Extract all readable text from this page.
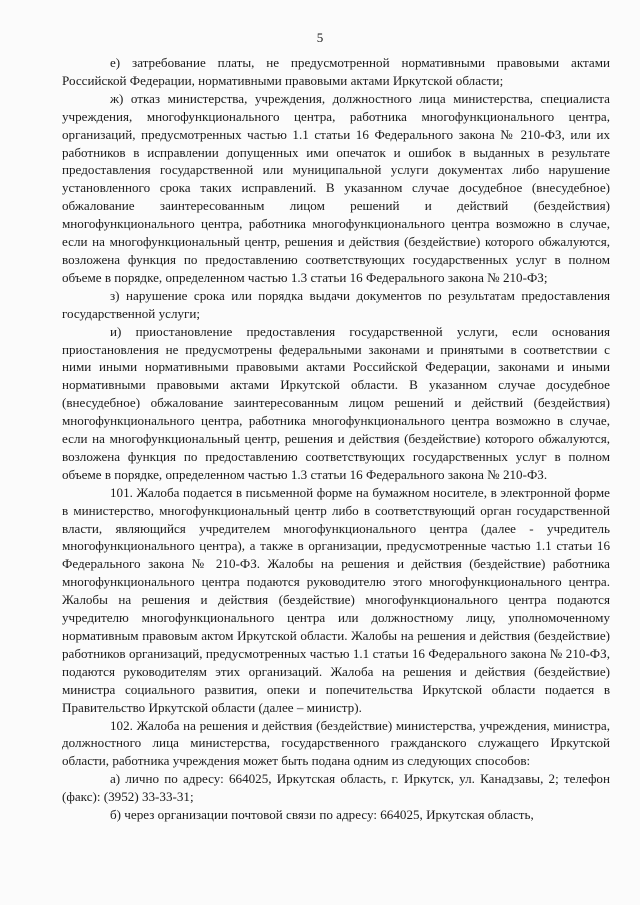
5

е) затребование платы, не предусмотренной нормативными правовыми актами Российской Федерации, нормативными правовыми актами Иркутской области;

ж) отказ министерства, учреждения, должностного лица министерства, специалиста учреждения, многофункционального центра, работника многофункционального центра, организаций, предусмотренных частью 1.1 статьи 16 Федерального закона № 210-ФЗ, или их работников в исправлении допущенных ими опечаток и ошибок в выданных в результате предоставления государственной или муниципальной услуги документах либо нарушение установленного срока таких исправлений. В указанном случае досудебное (внесудебное) обжалование заинтересованным лицом решений и действий (бездействия) многофункционального центра, работника многофункционального центра возможно в случае, если на многофункциональный центр, решения и действия (бездействие) которого обжалуются, возложена функция по предоставлению соответствующих государственных услуг в полном объеме в порядке, определенном частью 1.3 статьи 16 Федерального закона № 210-ФЗ;

з) нарушение срока или порядка выдачи документов по результатам предоставления государственной услуги;

и) приостановление предоставления государственной услуги, если основания приостановления не предусмотрены федеральными законами и принятыми в соответствии с ними иными нормативными правовыми актами Российской Федерации, законами и иными нормативными правовыми актами Иркутской области. В указанном случае досудебное (внесудебное) обжалование заинтересованным лицом решений и действий (бездействия) многофункционального центра, работника многофункционального центра возможно в случае, если на многофункциональный центр, решения и действия (бездействие) которого обжалуются, возложена функция по предоставлению соответствующих государственных услуг в полном объеме в порядке, определенном частью 1.3 статьи 16 Федерального закона № 210-ФЗ.

101. Жалоба подается в письменной форме на бумажном носителе, в электронной форме в министерство, многофункциональный центр либо в соответствующий орган государственной власти, являющийся учредителем многофункционального центра (далее - учредитель многофункционального центра), а также в организации, предусмотренные частью 1.1 статьи 16 Федерального закона № 210-ФЗ. Жалобы на решения и действия (бездействие) работника многофункционального центра подаются руководителю этого многофункционального центра. Жалобы на решения и действия (бездействие) многофункционального центра подаются учредителю многофункционального центра или должностному лицу, уполномоченному нормативным правовым актом Иркутской области. Жалобы на решения и действия (бездействие) работников организаций, предусмотренных частью 1.1 статьи 16 Федерального закона № 210-ФЗ, подаются руководителям этих организаций. Жалоба на решения и действия (бездействие) министра социального развития, опеки и попечительства Иркутской области подается в Правительство Иркутской области (далее – министр).

102. Жалоба на решения и действия (бездействие) министерства, учреждения, министра, должностного лица министерства, государственного гражданского служащего Иркутской области, работника учреждения может быть подана одним из следующих способов:

а) лично по адресу: 664025, Иркутская область, г. Иркутск, ул. Канадзавы, 2; телефон (факс): (3952) 33-33-31;

б) через организации почтовой связи по адресу: 664025, Иркутская область,
